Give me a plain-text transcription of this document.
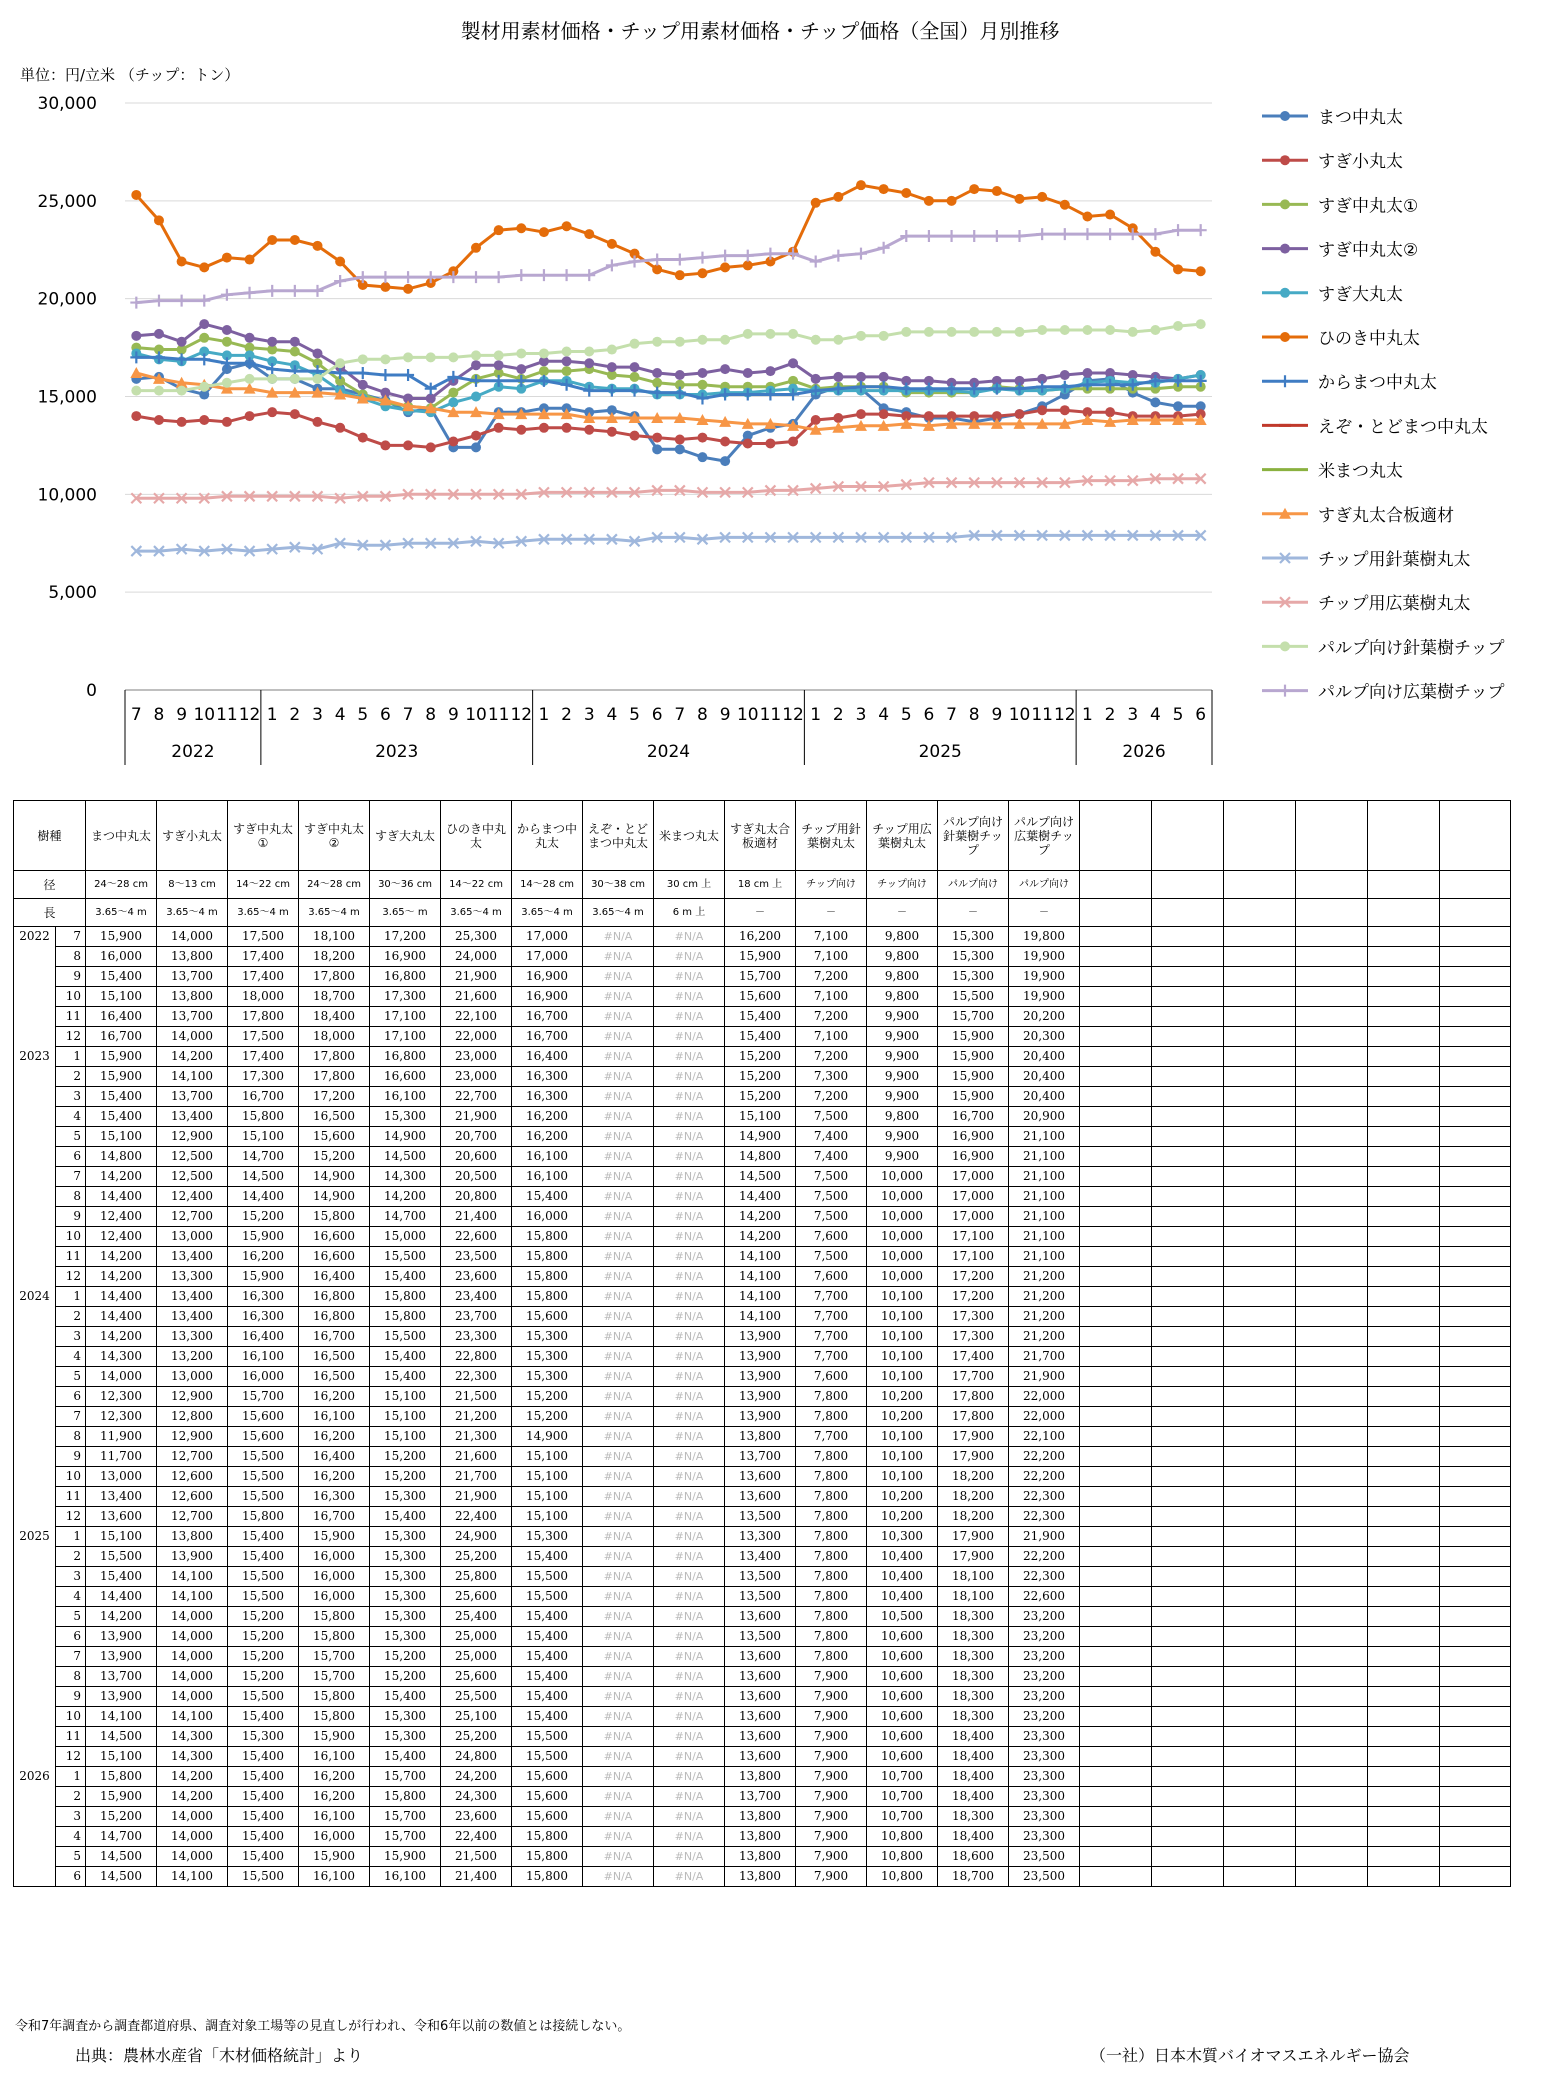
製材用素材価格・チップ用素材価格・チップ価格（全国）月別推移
単位：円/立米 （チップ：トン）
0
5,000
10,000
15,000
20,000
25,000
30,000
7 8 9 10 11 12 1 2 3 4 5 6 7 8 9 10 11 12 1 2 3 4 5 6 7 8 9 10 11 12 1 2 3 4 5 6 7 8 9 10 11 12 1 2 3 4 5 6
2022	2023	2024	2025	2026
まつ中丸太
すぎ小丸太
すぎ中丸太①
すぎ中丸太②
すぎ大丸太
ひのき中丸太
からまつ中丸太
えぞ・とどまつ中丸太
米まつ丸太
すぎ丸太合板適材
チップ用針葉樹丸太
チップ用広葉樹丸太
パルプ向け針葉樹チップ
パルプ向け広葉樹チップ
樹種		まつ中丸太	すぎ小丸太	すぎ中丸太①	すぎ中丸太②	すぎ大丸太	ひのき中丸太	からまつ中丸太	えぞ・とどまつ中丸太	米まつ丸太	すぎ丸太合板適材	チップ用針葉樹丸太	チップ用広葉樹丸太	パルプ向け針葉樹チップ	パルプ向け広葉樹チップ						
径		24～28 cm	8～13 cm	14～22 cm	24～28 cm	30～36 cm	14～22 cm	14～28 cm	30～38 cm	30 cm 上	18 cm 上	チップ向け	チップ向け	パルプ向け	パルプ向け						
長		3.65～4 m	3.65～4 m	3.65～4 m	3.65～4 m	3.65～ m	3.65～4 m	3.65～4 m	3.65～4 m	6 m 上	－	－	－	－	－						
2022	7	15,900	14,000	17,500	18,100	17,200	25,300	17,000	#N/A	#N/A	16,200	7,100	9,800	15,300	19,800						
	8	16,000	13,800	17,400	18,200	16,900	24,000	17,000	#N/A	#N/A	15,900	7,100	9,800	15,300	19,900						
	9	15,400	13,700	17,400	17,800	16,800	21,900	16,900	#N/A	#N/A	15,700	7,200	9,800	15,300	19,900						
	10	15,100	13,800	18,000	18,700	17,300	21,600	16,900	#N/A	#N/A	15,600	7,100	9,800	15,500	19,900						
	11	16,400	13,700	17,800	18,400	17,100	22,100	16,700	#N/A	#N/A	15,400	7,200	9,900	15,700	20,200						
	12	16,700	14,000	17,500	18,000	17,100	22,000	16,700	#N/A	#N/A	15,400	7,100	9,900	15,900	20,300						
2023	1	15,900	14,200	17,400	17,800	16,800	23,000	16,400	#N/A	#N/A	15,200	7,200	9,900	15,900	20,400						
	2	15,900	14,100	17,300	17,800	16,600	23,000	16,300	#N/A	#N/A	15,200	7,300	9,900	15,900	20,400						
	3	15,400	13,700	16,700	17,200	16,100	22,700	16,300	#N/A	#N/A	15,200	7,200	9,900	15,900	20,400						
	4	15,400	13,400	15,800	16,500	15,300	21,900	16,200	#N/A	#N/A	15,100	7,500	9,800	16,700	20,900						
	5	15,100	12,900	15,100	15,600	14,900	20,700	16,200	#N/A	#N/A	14,900	7,400	9,900	16,900	21,100						
	6	14,800	12,500	14,700	15,200	14,500	20,600	16,100	#N/A	#N/A	14,800	7,400	9,900	16,900	21,100						
	7	14,200	12,500	14,500	14,900	14,300	20,500	16,100	#N/A	#N/A	14,500	7,500	10,000	17,000	21,100						
	8	14,400	12,400	14,400	14,900	14,200	20,800	15,400	#N/A	#N/A	14,400	7,500	10,000	17,000	21,100						
	9	12,400	12,700	15,200	15,800	14,700	21,400	16,000	#N/A	#N/A	14,200	7,500	10,000	17,000	21,100						
	10	12,400	13,000	15,900	16,600	15,000	22,600	15,800	#N/A	#N/A	14,200	7,600	10,000	17,100	21,100						
	11	14,200	13,400	16,200	16,600	15,500	23,500	15,800	#N/A	#N/A	14,100	7,500	10,000	17,100	21,100						
	12	14,200	13,300	15,900	16,400	15,400	23,600	15,800	#N/A	#N/A	14,100	7,600	10,000	17,200	21,200						
2024	1	14,400	13,400	16,300	16,800	15,800	23,400	15,800	#N/A	#N/A	14,100	7,700	10,100	17,200	21,200						
	2	14,400	13,400	16,300	16,800	15,800	23,700	15,600	#N/A	#N/A	14,100	7,700	10,100	17,300	21,200						
	3	14,200	13,300	16,400	16,700	15,500	23,300	15,300	#N/A	#N/A	13,900	7,700	10,100	17,300	21,200						
	4	14,300	13,200	16,100	16,500	15,400	22,800	15,300	#N/A	#N/A	13,900	7,700	10,100	17,400	21,700						
	5	14,000	13,000	16,000	16,500	15,400	22,300	15,300	#N/A	#N/A	13,900	7,600	10,100	17,700	21,900						
	6	12,300	12,900	15,700	16,200	15,100	21,500	15,200	#N/A	#N/A	13,900	7,800	10,200	17,800	22,000						
	7	12,300	12,800	15,600	16,100	15,100	21,200	15,200	#N/A	#N/A	13,900	7,800	10,200	17,800	22,000						
	8	11,900	12,900	15,600	16,200	15,100	21,300	14,900	#N/A	#N/A	13,800	7,700	10,100	17,900	22,100						
	9	11,700	12,700	15,500	16,400	15,200	21,600	15,100	#N/A	#N/A	13,700	7,800	10,100	17,900	22,200						
	10	13,000	12,600	15,500	16,200	15,200	21,700	15,100	#N/A	#N/A	13,600	7,800	10,100	18,200	22,200						
	11	13,400	12,600	15,500	16,300	15,300	21,900	15,100	#N/A	#N/A	13,600	7,800	10,200	18,200	22,300						
	12	13,600	12,700	15,800	16,700	15,400	22,400	15,100	#N/A	#N/A	13,500	7,800	10,200	18,200	22,300						
2025	1	15,100	13,800	15,400	15,900	15,300	24,900	15,300	#N/A	#N/A	13,300	7,800	10,300	17,900	21,900						
	2	15,500	13,900	15,400	16,000	15,300	25,200	15,400	#N/A	#N/A	13,400	7,800	10,400	17,900	22,200						
	3	15,400	14,100	15,500	16,000	15,300	25,800	15,500	#N/A	#N/A	13,500	7,800	10,400	18,100	22,300						
	4	14,400	14,100	15,500	16,000	15,300	25,600	15,500	#N/A	#N/A	13,500	7,800	10,400	18,100	22,600						
	5	14,200	14,000	15,200	15,800	15,300	25,400	15,400	#N/A	#N/A	13,600	7,800	10,500	18,300	23,200						
	6	13,900	14,000	15,200	15,800	15,300	25,000	15,400	#N/A	#N/A	13,500	7,800	10,600	18,300	23,200						
	7	13,900	14,000	15,200	15,700	15,200	25,000	15,400	#N/A	#N/A	13,600	7,800	10,600	18,300	23,200						
	8	13,700	14,000	15,200	15,700	15,200	25,600	15,400	#N/A	#N/A	13,600	7,900	10,600	18,300	23,200						
	9	13,900	14,000	15,500	15,800	15,400	25,500	15,400	#N/A	#N/A	13,600	7,900	10,600	18,300	23,200						
	10	14,100	14,100	15,400	15,800	15,300	25,100	15,400	#N/A	#N/A	13,600	7,900	10,600	18,300	23,200						
	11	14,500	14,300	15,300	15,900	15,300	25,200	15,500	#N/A	#N/A	13,600	7,900	10,600	18,400	23,300						
	12	15,100	14,300	15,400	16,100	15,400	24,800	15,500	#N/A	#N/A	13,600	7,900	10,600	18,400	23,300						
2026	1	15,800	14,200	15,400	16,200	15,700	24,200	15,600	#N/A	#N/A	13,800	7,900	10,700	18,400	23,300						
	2	15,900	14,200	15,400	16,200	15,800	24,300	15,600	#N/A	#N/A	13,700	7,900	10,700	18,400	23,300						
	3	15,200	14,000	15,400	16,100	15,700	23,600	15,600	#N/A	#N/A	13,800	7,900	10,700	18,300	23,300						
	4	14,700	14,000	15,400	16,000	15,700	22,400	15,800	#N/A	#N/A	13,800	7,900	10,800	18,400	23,300						
	5	14,500	14,000	15,400	15,900	15,900	21,500	15,800	#N/A	#N/A	13,800	7,900	10,800	18,600	23,500						
	6	14,500	14,100	15,500	16,100	16,100	21,400	15,800	#N/A	#N/A	13,800	7,900	10,800	18,700	23,500						
令和7年調査から調査都道府県、調査対象工場等の見直しが行われ、令和6年以前の数値とは接続しない。
出典：農林水産省「木材価格統計」より	（一社）日本木質バイオマスエネルギー協会
